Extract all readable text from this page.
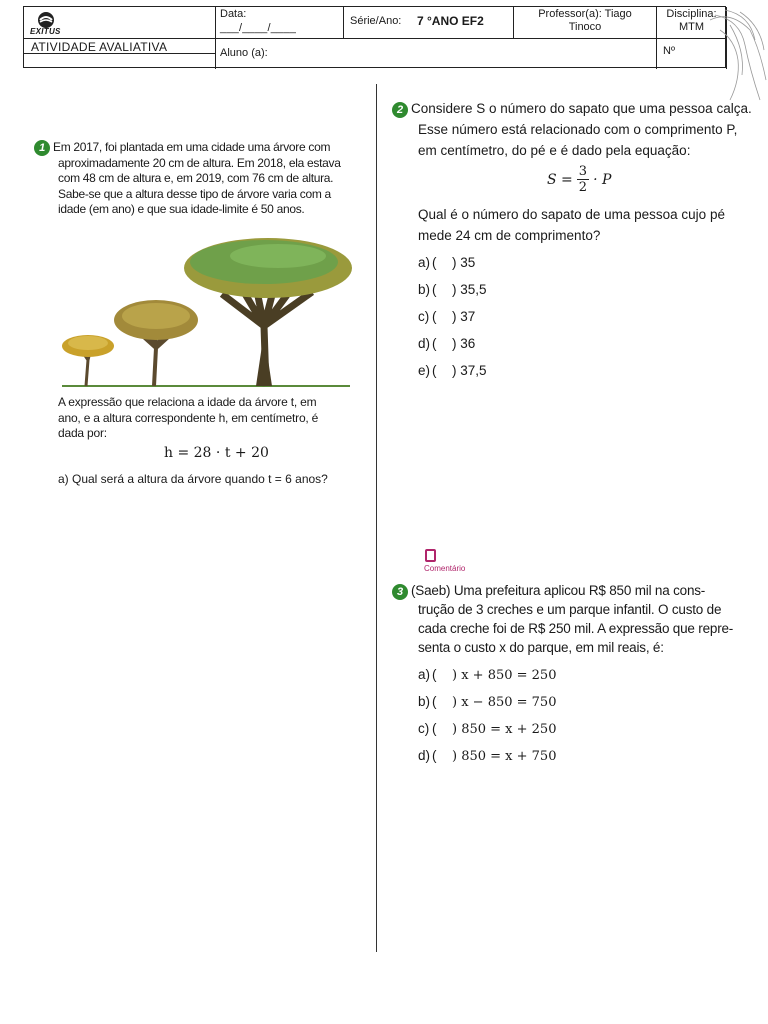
EXITUS
Data:
___/____/____
Série/Ano: 7 °ANO EF2	Professor(a): Tiago
Tinoco
Disciplina:
MTM
ATIVIDADE AVALIATIVA	Aluno (a):	Nº
1 Em 2017, foi plantada em uma cidade uma árvore com
aproximadamente 20 cm de altura. Em 2018, ela estava
com 48 cm de altura e, em 2019, com 76 cm de altura.
Sabe-se que a altura desse tipo de árvore varia com a
idade (em ano) e que sua idade-limite é 50 anos.
A expressão que relaciona a idade da árvore t, em
ano, e a altura correspondente h, em centímetro, é
dada por:
h = 28 · t + 20
a) Qual será a altura da árvore quando t = 6 anos?
2 Considere S o número do sapato que uma pessoa calça.
Esse número está relacionado com o comprimento P,
em centímetro, do pé e é dado pela equação:
$S = \frac{3}{2} \cdot P$
Qual é o número do sapato de uma pessoa cujo pé
mede 24 cm de comprimento?
a) ( ) 35
b) ( ) 35,5
c) ( ) 37
d) ( ) 36
e) ( ) 37,5
Comentário
3 (Saeb) Uma prefeitura aplicou R$ 850 mil na cons-
trução de 3 creches e um parque infantil. O custo de
cada creche foi de R$ 250 mil. A expressão que repre-
senta o custo x do parque, em mil reais, é:
a) ( ) x + 850 = 250
b) ( ) x − 850 = 750
c) ( ) 850 = x + 250
d) ( ) 850 = x + 750
